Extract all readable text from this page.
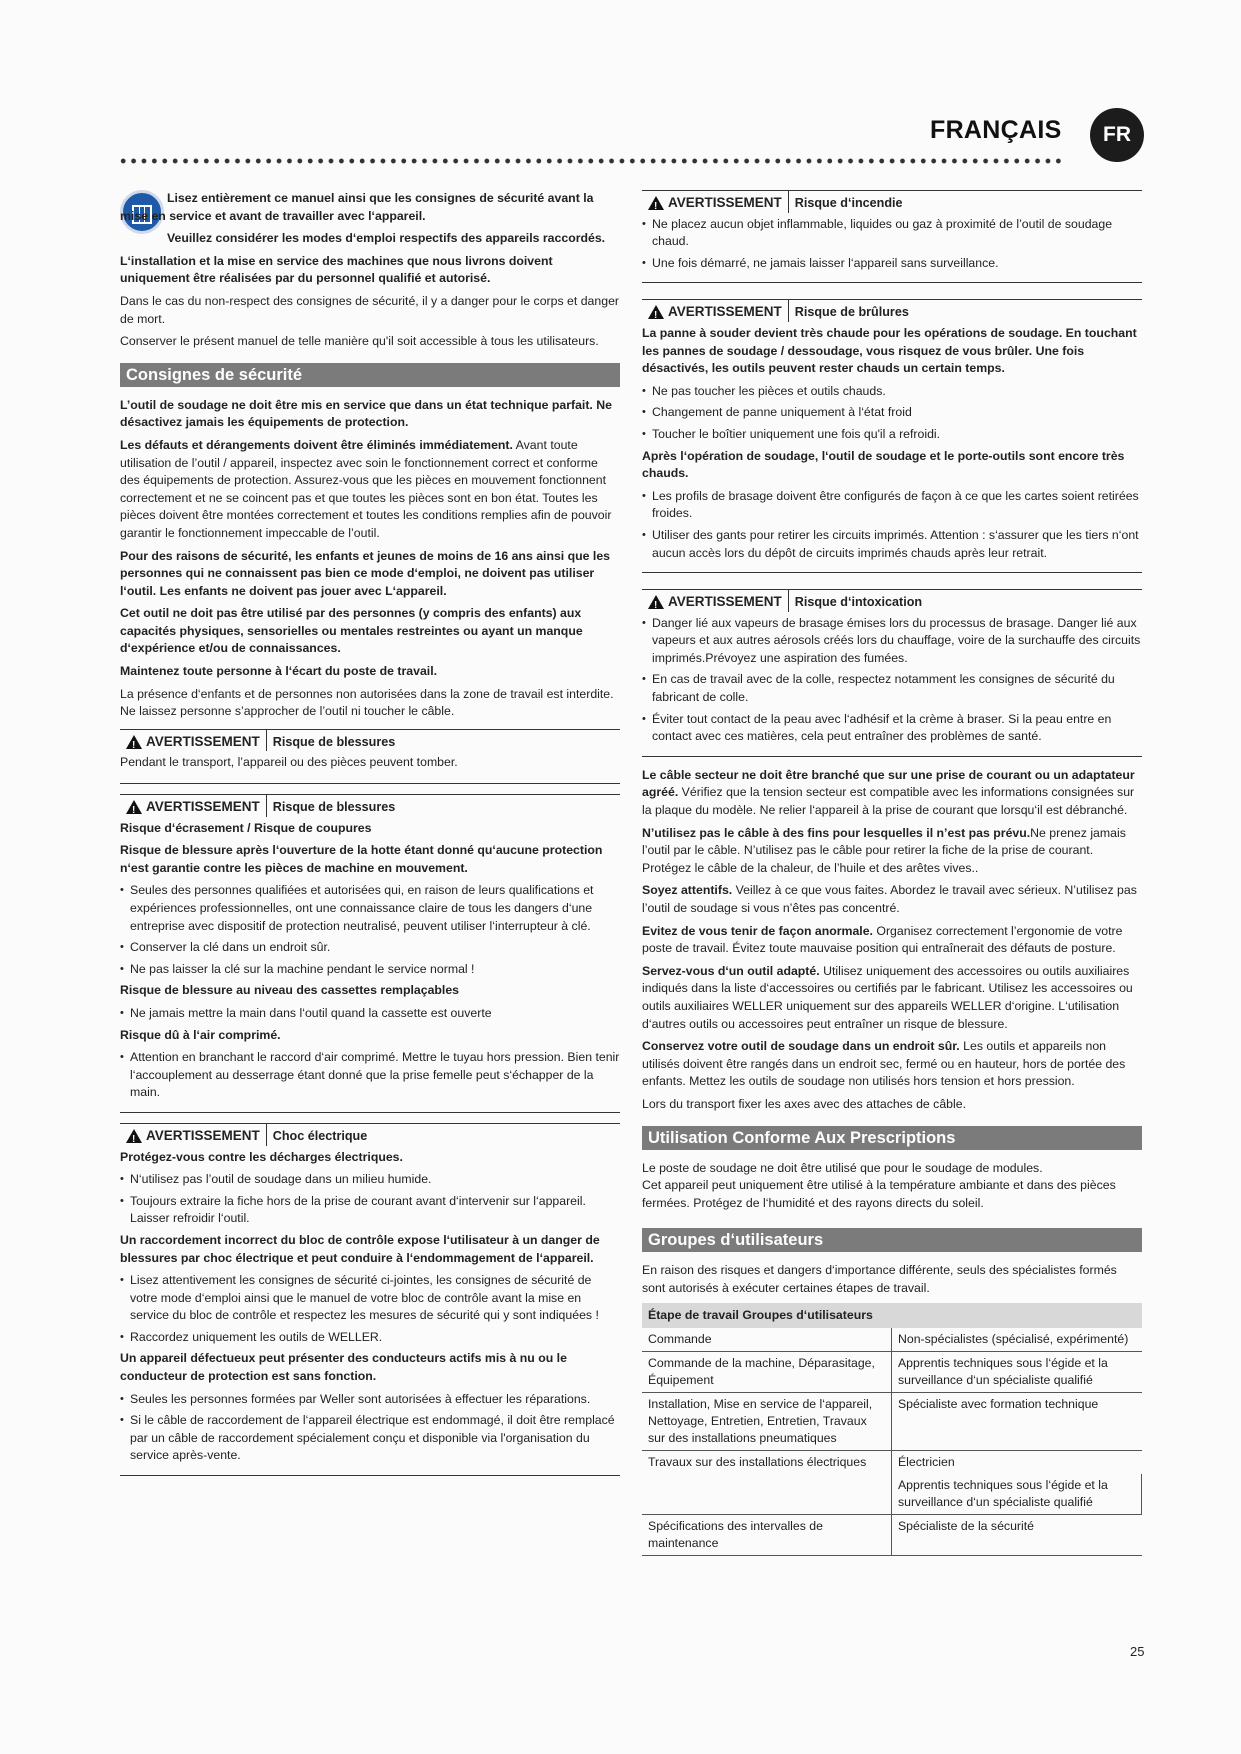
FRANÇAIS	FR

Lisez entièrement ce manuel ainsi que les consignes de sécurité avant la mise en service et avant de travailler avec l‘appareil.

Veuillez considérer les modes d‘emploi respectifs des appareils raccordés.

L‘installation et la mise en service des machines que nous livrons doivent uniquement être réalisées par du personnel qualifié et autorisé.

Dans le cas du non-respect des consignes de sécurité, il y a danger pour le corps et danger de mort.

Conserver le présent manuel de telle manière qu'il soit accessible à tous les utilisateurs.

Consignes de sécurité

L’outil de soudage ne doit être mis en service que dans un état technique parfait. Ne désactivez jamais les équipements de protection.

Les défauts et dérangements doivent être éliminés immédiatement. Avant toute utilisation de l’outil / appareil, inspectez avec soin le fonctionnement correct et conforme des équipements de protection. Assurez-vous que les pièces en mouvement fonctionnent correctement et ne se coincent pas et que toutes les pièces sont en bon état. Toutes les pièces doivent être montées correctement et toutes les conditions remplies afin de pouvoir garantir le fonctionnement impeccable de l’outil.

Pour des raisons de sécurité, les enfants et jeunes de moins de 16 ans ainsi que les personnes qui ne connaissent pas bien ce mode d‘emploi, ne doivent pas utiliser l‘outil. Les enfants ne doivent pas jouer avec L‘appareil.

Cet outil ne doit pas être utilisé par des personnes (y compris des enfants) aux capacités physiques, sensorielles ou mentales restreintes ou ayant un manque d‘expérience et/ou de connaissances.

Maintenez toute personne à l‘écart du poste de travail.

La présence d‘enfants et de personnes non autorisées dans la zone de travail est interdite. Ne laissez personne s’approcher de l’outil ni toucher le câble.

!
AVERTISSEMENT	Risque de blessures

Pendant le transport, l’appareil ou des pièces peuvent tomber.

!
AVERTISSEMENT	Risque de blessures

Risque d‘écrasement / Risque de coupures

Risque de blessure après l‘ouverture de la hotte étant donné qu‘aucune protection n‘est garantie contre les pièces de machine en mouvement.

• Seules des personnes qualifiées et autorisées qui, en raison de leurs qualifications et expériences professionnelles, ont une connaissance claire de tous les dangers d‘une entreprise avec dispositif de protection neutralisé, peuvent utiliser l‘interrupteur à clé.
• Conserver la clé dans un endroit sûr.
• Ne pas laisser la clé sur la machine pendant le service normal !

Risque de blessure au niveau des cassettes remplaçables

• Ne jamais mettre la main dans l‘outil quand la cassette est ouverte

Risque dû à l‘air comprimé.

• Attention en branchant le raccord d‘air comprimé. Mettre le tuyau hors pression. Bien tenir l‘accouplement au desserrage étant donné que la prise femelle peut s‘échapper de la main.
!
AVERTISSEMENT	Choc électrique

Protégez-vous contre les décharges électriques.

• N‘utilisez pas l’outil de soudage dans un milieu humide.
• Toujours extraire la fiche hors de la prise de courant avant d‘intervenir sur l‘appareil. Laisser refroidir l‘outil.

Un raccordement incorrect du bloc de contrôle expose l‘utilisateur à un danger de blessures par choc électrique et peut conduire à l‘endommagement de l‘appareil.

• Lisez attentivement les consignes de sécurité ci-jointes, les consignes de sécurité de votre mode d‘emploi ainsi que le manuel de votre bloc de contrôle avant la mise en service du bloc de contrôle et respectez les mesures de sécurité qui y sont indiquées !
• Raccordez uniquement les outils de WELLER.

Un appareil défectueux peut présenter des conducteurs actifs mis à nu ou le conducteur de protection est sans fonction.

• Seules les personnes formées par Weller sont autorisées à effectuer les réparations.
• Si le câble de raccordement de l‘appareil électrique est endommagé, il doit être remplacé par un câble de raccordement spécialement conçu et disponible via l'organisation du service après-vente.
!
AVERTISSEMENT	Risque d‘incendie
• Ne placez aucun objet inflammable, liquides ou gaz à proximité de l’outil de soudage chaud.
• Une fois démarré, ne jamais laisser l‘appareil sans surveillance.
!
AVERTISSEMENT	Risque de brûlures

La panne à souder devient très chaude pour les opérations de soudage. En touchant les pannes de soudage / dessoudage, vous risquez de vous brûler. Une fois désactivés, les outils peuvent rester chauds un certain temps.

• Ne pas toucher les pièces et outils chauds.
• Changement de panne uniquement à l‘état froid
• Toucher le boîtier uniquement une fois qu'il a refroidi.

Après l‘opération de soudage, l‘outil de soudage et le porte-outils sont encore très chauds.

• Les profils de brasage doivent être configurés de façon à ce que les cartes soient retirées froides.
• Utiliser des gants pour retirer les circuits imprimés. Attention : s‘assurer que les tiers n‘ont aucun accès lors du dépôt de circuits imprimés chauds après leur retrait.
!
AVERTISSEMENT	Risque d‘intoxication
• Danger lié aux vapeurs de brasage émises lors du processus de brasage. Danger lié aux vapeurs et aux autres aérosols créés lors du chauffage, voire de la surchauffe des circuits imprimés.Prévoyez une aspiration des fumées.
• En cas de travail avec de la colle, respectez notamment les consignes de sécurité du fabricant de colle.
• Éviter tout contact de la peau avec l‘adhésif et la crème à braser. Si la peau entre en contact avec ces matières, cela peut entraîner des problèmes de santé.

Le câble secteur ne doit être branché que sur une prise de courant ou un adaptateur agréé. Vérifiez que la tension secteur est compatible avec les informations consignées sur la plaque du modèle. Ne relier l‘appareil à la prise de courant que lorsqu‘il est débranché.

N’utilisez pas le câble à des fins pour lesquelles il n’est pas prévu.Ne prenez jamais l’outil par le câble. N’utilisez pas le câble pour retirer la fiche de la prise de courant. Protégez le câble de la chaleur, de l’huile et des arêtes vives..

Soyez attentifs. Veillez à ce que vous faites. Abordez le travail avec sérieux. N’utilisez pas l’outil de soudage si vous n’êtes pas concentré.

Evitez de vous tenir de façon anormale. Organisez correctement l’ergonomie de votre poste de travail. Évitez toute mauvaise position qui entraînerait des défauts de posture.

Servez-vous d‘un outil adapté. Utilisez uniquement des accessoires ou outils auxiliaires indiqués dans la liste d‘accessoires ou certifiés par le fabricant. Utilisez les accessoires ou outils auxiliaires WELLER uniquement sur des appareils WELLER d‘origine. L‘utilisation d‘autres outils ou accessoires peut entraîner un risque de blessure.

Conservez votre outil de soudage dans un endroit sûr. Les outils et appareils non utilisés doivent être rangés dans un endroit sec, fermé ou en hauteur, hors de portée des enfants. Mettez les outils de soudage non utilisés hors tension et hors pression.

Lors du transport fixer les axes avec des attaches de câble.

Utilisation Conforme Aux Prescriptions

Le poste de soudage ne doit être utilisé que pour le soudage de modules.

Cet appareil peut uniquement être utilisé à la température ambiante et dans des pièces fermées. Protégez de l‘humidité et des rayons directs du soleil.

Groupes d‘utilisateurs

En raison des risques et dangers d‘importance différente, seuls des spécialistes formés sont autorisés à exécuter certaines étapes de travail.

Étape de travail Groupes d‘utilisateurs	
Commande	Non-spécialistes (spécialisé, expérimenté)
Commande de la machine, Déparasitage, Équipement	Apprentis techniques sous l‘égide et la surveillance d‘un spécialiste qualifié
Installation, Mise en service de l‘appareil, Nettoyage, Entretien, Entretien, Travaux sur des installations pneumatiques	Spécialiste avec formation technique
Travaux sur des installations électriques	Électricien
	Apprentis techniques sous l‘égide et la surveillance d‘un spécialiste qualifié
Spécifications des intervalles de maintenance	Spécialiste de la sécurité
25
